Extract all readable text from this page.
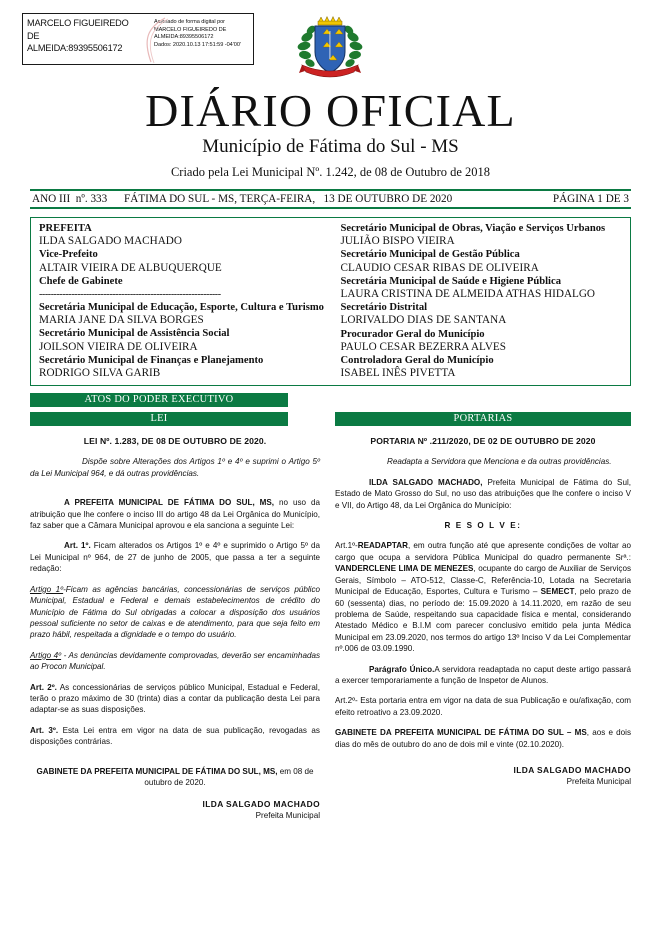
MARCELO FIGUEIREDO
DE
ALMEIDA:89395506172
Assinado de forma digital por
MARCELO FIGUEIREDO DE
ALMEIDA:89395506172
Dados: 2020.10.13 17:51:59 -04'00'
DIÁRIO OFICIAL
Município de Fátima do Sul - MS
Criado pela Lei Municipal Nº. 1.242, de 08 de Outubro de 2018
ANO III  nº. 333      FÁTIMA DO SUL - MS, TERÇA-FEIRA,   13 DE OUTUBRO DE 2020	PÁGINA 1 DE 3
PREFEITA
ILDA SALGADO MACHADO
Vice-Prefeito
ALTAIR VIEIRA DE ALBUQUERQUE
Chefe de Gabinete
--------------------------------------------------------------
Secretária Municipal de Educação, Esporte, Cultura e Turismo
MARIA JANE DA SILVA BORGES
Secretário Municipal de Assistência Social
JOILSON VIEIRA DE OLIVEIRA
Secretário Municipal de Finanças e Planejamento
RODRIGO SILVA GARIB
Secretário Municipal de Obras, Viação e Serviços Urbanos
JULIÃO BISPO VIEIRA
Secretário Municipal de Gestão Pública
CLAUDIO CESAR RIBAS DE OLIVEIRA
Secretária Municipal de Saúde e Higiene Pública
LAURA CRISTINA DE ALMEIDA ATHAS HIDALGO
Secretário Distrital
LORIVALDO DIAS DE SANTANA
Procurador Geral do Município
PAULO CESAR BEZERRA ALVES
Controladora Geral do Município
ISABEL INÊS PIVETTA
ATOS DO PODER EXECUTIVO
LEI	PORTARIAS
LEI Nº. 1.283, DE 08 DE OUTUBRO DE 2020.
Dispõe sobre Alterações dos Artigos 1º e 4º e suprimi o Artigo 5º da Lei Municipal 964, e dá outras providências.
A PREFEITA MUNICIPAL DE FÁTIMA DO SUL, MS, no uso da atribuição que lhe confere o inciso III do artigo 48 da Lei Orgânica do Município, faz saber que a Câmara Municipal aprovou e ela sanciona a seguinte Lei:
Art. 1º. Ficam alterados os Artigos 1º e 4º e suprimido o Artigo 5º da Lei Municipal nº 964, de 27 de junho de 2005, que passa a ter a seguinte redação:
Artigo 1º-Ficam as agências bancárias, concessionárias de serviços público Municipal, Estadual e Federal e demais estabelecimentos de crédito do Município de Fátima do Sul obrigadas a colocar a disposição dos usuários pessoal suficiente no setor de caixas e de atendimento, para que seja feito em prazo hábil, respeitada a dignidade e o tempo do usuário.
Artigo 4º - As denúncias devidamente comprovadas, deverão ser encaminhadas ao Procon Municipal.
Art. 2º. As concessionárias de serviços público Municipal, Estadual e Federal, terão o prazo máximo de 30 (trinta) dias a contar da publicação desta Lei para adaptar-se as suas disposições.
Art. 3º. Esta Lei entra em vigor na data de sua publicação, revogadas as disposições contrárias.
GABINETE DA PREFEITA MUNICIPAL DE FÁTIMA DO SUL, MS, em 08 de outubro de 2020.
ILDA SALGADO MACHADO
Prefeita Municipal
PORTARIA Nº .211/2020, DE 02 DE OUTUBRO DE 2020
Readapta a Servidora que Menciona e da outras providências.
ILDA SALGADO MACHADO, Prefeita Municipal de Fátima do Sul, Estado de Mato Grosso do Sul, no uso das atribuições que lhe confere o inciso V e VII, do Artigo 48, da Lei Orgânica do Município:
R E S O L V E:
Art.1º-READAPTAR, em outra função até que apresente condições de voltar ao cargo que ocupa a servidora Pública Municipal do quadro permanente Srª.: VANDERCLENE LIMA DE MENEZES, ocupante do cargo de Auxiliar de Serviços Gerais, Símbolo – ATO-512, Classe-C, Referência-10, Lotada na Secretaria Municipal de Educação, Esportes, Cultura e Turismo – SEMECT, pelo prazo de 60 (sessenta) dias, no período de: 15.09.2020 à 14.11.2020, em razão de seu problema de Saúde, respeitando sua capacidade física e mental, considerando Atestado Médico e B.I.M com parecer conclusivo emitido pela junta Médica Municipal em 23.09.2020, nos termos do artigo 13º Inciso V da Lei Complementar nº.006 de 03.09.1990.
Parágrafo Único.A servidora readaptada no caput deste artigo passará a exercer temporariamente a função de Inspetor de Alunos.
Art.2º- Esta portaria entra em vigor na data de sua Publicação e ou/afixação, com efeito retroativo a 23.09.2020.
GABINETE DA PREFEITA MUNICIPAL DE FÁTIMA DO SUL – MS, aos e dois dias do mês de outubro do ano de dois mil e vinte (02.10.2020).
ILDA SALGADO MACHADO
Prefeita Municipal
